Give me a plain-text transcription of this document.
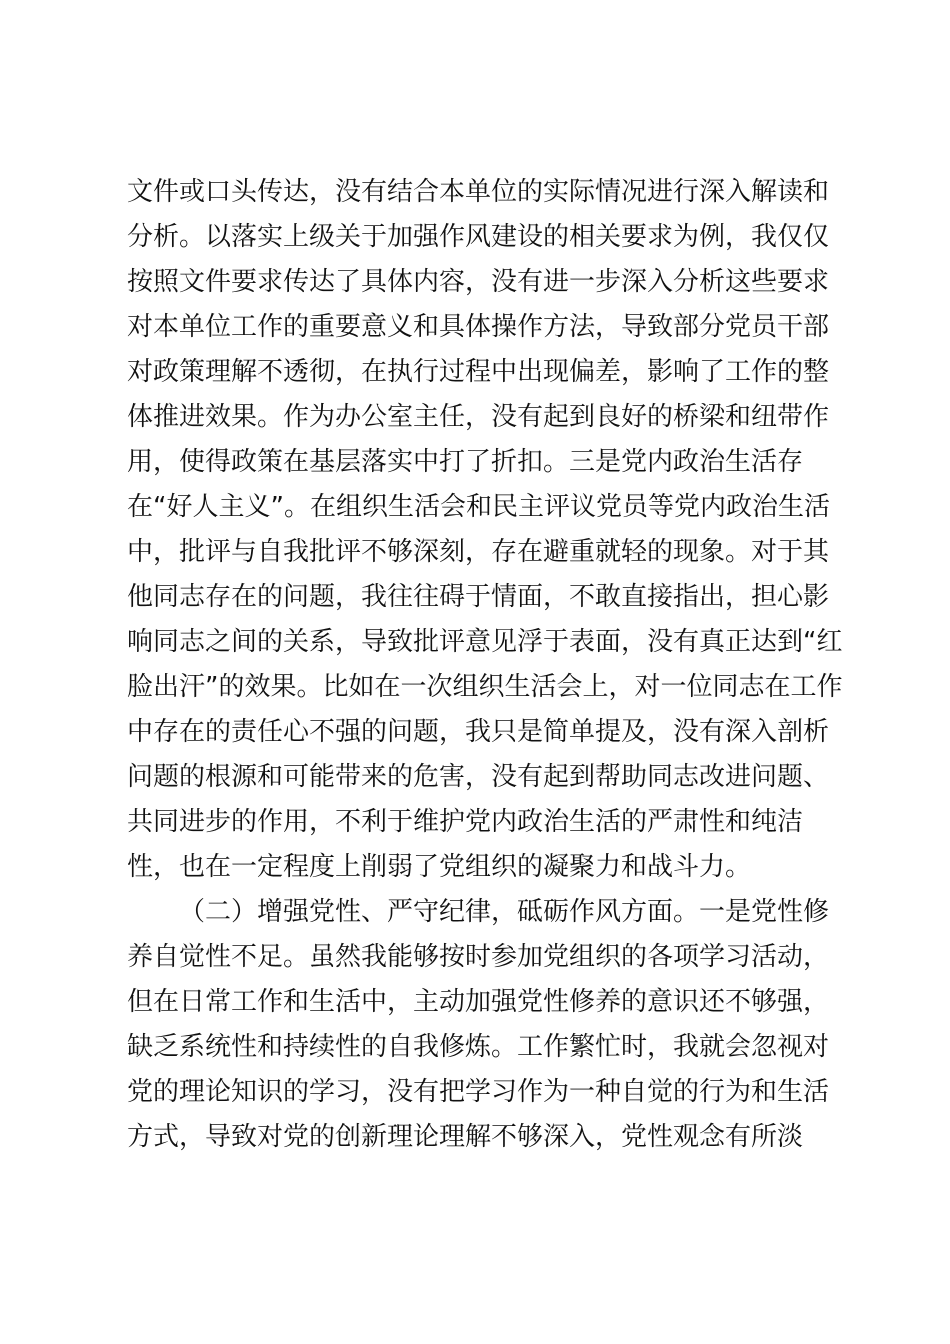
文件或口头传达，没有结合本单位的实际情况进行深入解读和
分析。以落实上级关于加强作风建设的相关要求为例，我仅仅
按照文件要求传达了具体内容，没有进一步深入分析这些要求
对本单位工作的重要意义和具体操作方法，导致部分党员干部
对政策理解不透彻，在执行过程中出现偏差，影响了工作的整
体推进效果。作为办公室主任，没有起到良好的桥梁和纽带作
用，使得政策在基层落实中打了折扣。三是党内政治生活存
在“好人主义”。在组织生活会和民主评议党员等党内政治生活
中，批评与自我批评不够深刻，存在避重就轻的现象。对于其
他同志存在的问题，我往往碍于情面，不敢直接指出，担心影
响同志之间的关系，导致批评意见浮于表面，没有真正达到“红
脸出汗”的效果。比如在一次组织生活会上，对一位同志在工作
中存在的责任心不强的问题，我只是简单提及，没有深入剖析
问题的根源和可能带来的危害，没有起到帮助同志改进问题、
共同进步的作用，不利于维护党内政治生活的严肃性和纯洁
性，也在一定程度上削弱了党组织的凝聚力和战斗力。
（二）增强党性、严守纪律，砥砺作风方面。一是党性修
养自觉性不足。虽然我能够按时参加党组织的各项学习活动，
但在日常工作和生活中，主动加强党性修养的意识还不够强，
缺乏系统性和持续性的自我修炼。工作繁忙时，我就会忽视对
党的理论知识的学习，没有把学习作为一种自觉的行为和生活
方式，导致对党的创新理论理解不够深入，党性观念有所淡
